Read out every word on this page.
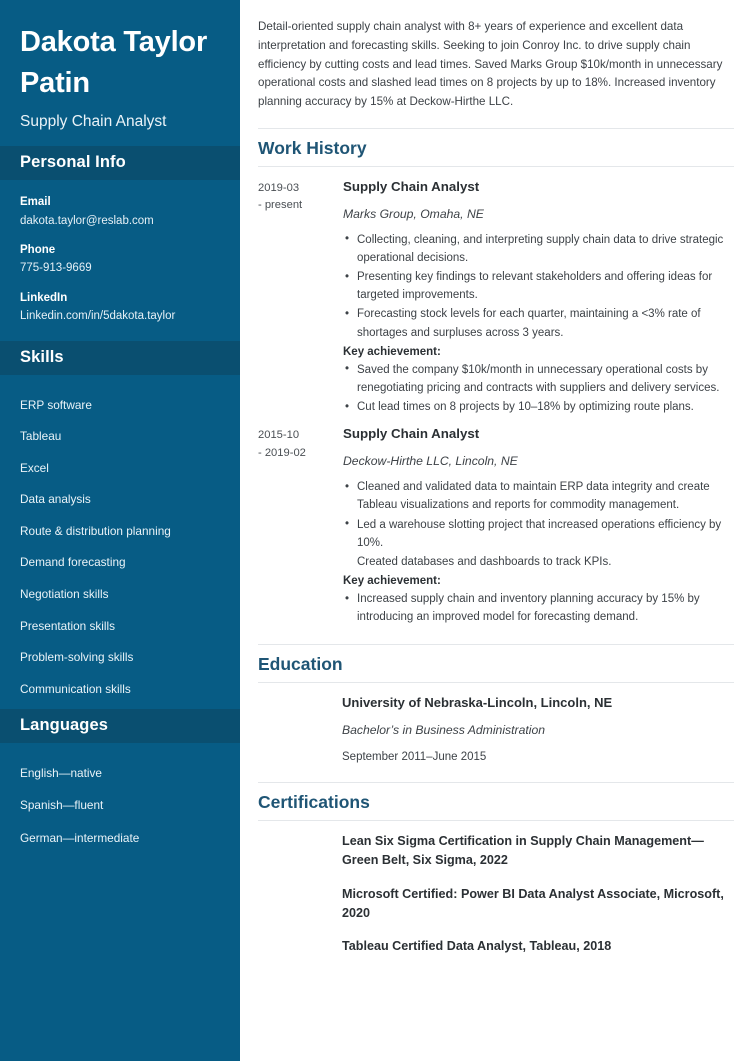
Dakota Taylor Patin
Supply Chain Analyst
Personal Info
Email
dakota.taylor@reslab.com
Phone
775-913-9669
LinkedIn
Linkedin.com/in/5dakota.taylor
Skills
ERP software
Tableau
Excel
Data analysis
Route & distribution planning
Demand forecasting
Negotiation skills
Presentation skills
Problem-solving skills
Communication skills
Languages
English—native
Spanish—fluent
German—intermediate

Detail-oriented supply chain analyst with 8+ years of experience and excellent data interpretation and forecasting skills. Seeking to join Conroy Inc. to drive supply chain efficiency by cutting costs and lead times. Saved Marks Group $10k/month in unnecessary operational costs and slashed lead times on 8 projects by up to 18%. Increased inventory planning accuracy by 15% at Deckow-Hirthe LLC.

Work History
2019-03
- present
Supply Chain Analyst
Marks Group, Omaha, NE
• Collecting, cleaning, and interpreting supply chain data to drive strategic operational decisions.
• Presenting key findings to relevant stakeholders and offering ideas for targeted improvements.
• Forecasting stock levels for each quarter, maintaining a <3% rate of shortages and surpluses across 3 years.
Key achievement:
• Saved the company $10k/month in unnecessary operational costs by renegotiating pricing and contracts with suppliers and delivery services.
• Cut lead times on 8 projects by 10–18% by optimizing route plans.
2015-10
- 2019-02
Supply Chain Analyst
Deckow-Hirthe LLC, Lincoln, NE
• Cleaned and validated data to maintain ERP data integrity and create Tableau visualizations and reports for commodity management.
• Led a warehouse slotting project that increased operations efficiency by 10%.
Created databases and dashboards to track KPIs.
Key achievement:
• Increased supply chain and inventory planning accuracy by 15% by introducing an improved model for forecasting demand.
Education
University of Nebraska-Lincoln, Lincoln, NE
Bachelor’s in Business Administration
September 2011–June 2015
Certifications
Lean Six Sigma Certification in Supply Chain Management—Green Belt, Six Sigma, 2022
Microsoft Certified: Power BI Data Analyst Associate, Microsoft, 2020
Tableau Certified Data Analyst, Tableau, 2018
